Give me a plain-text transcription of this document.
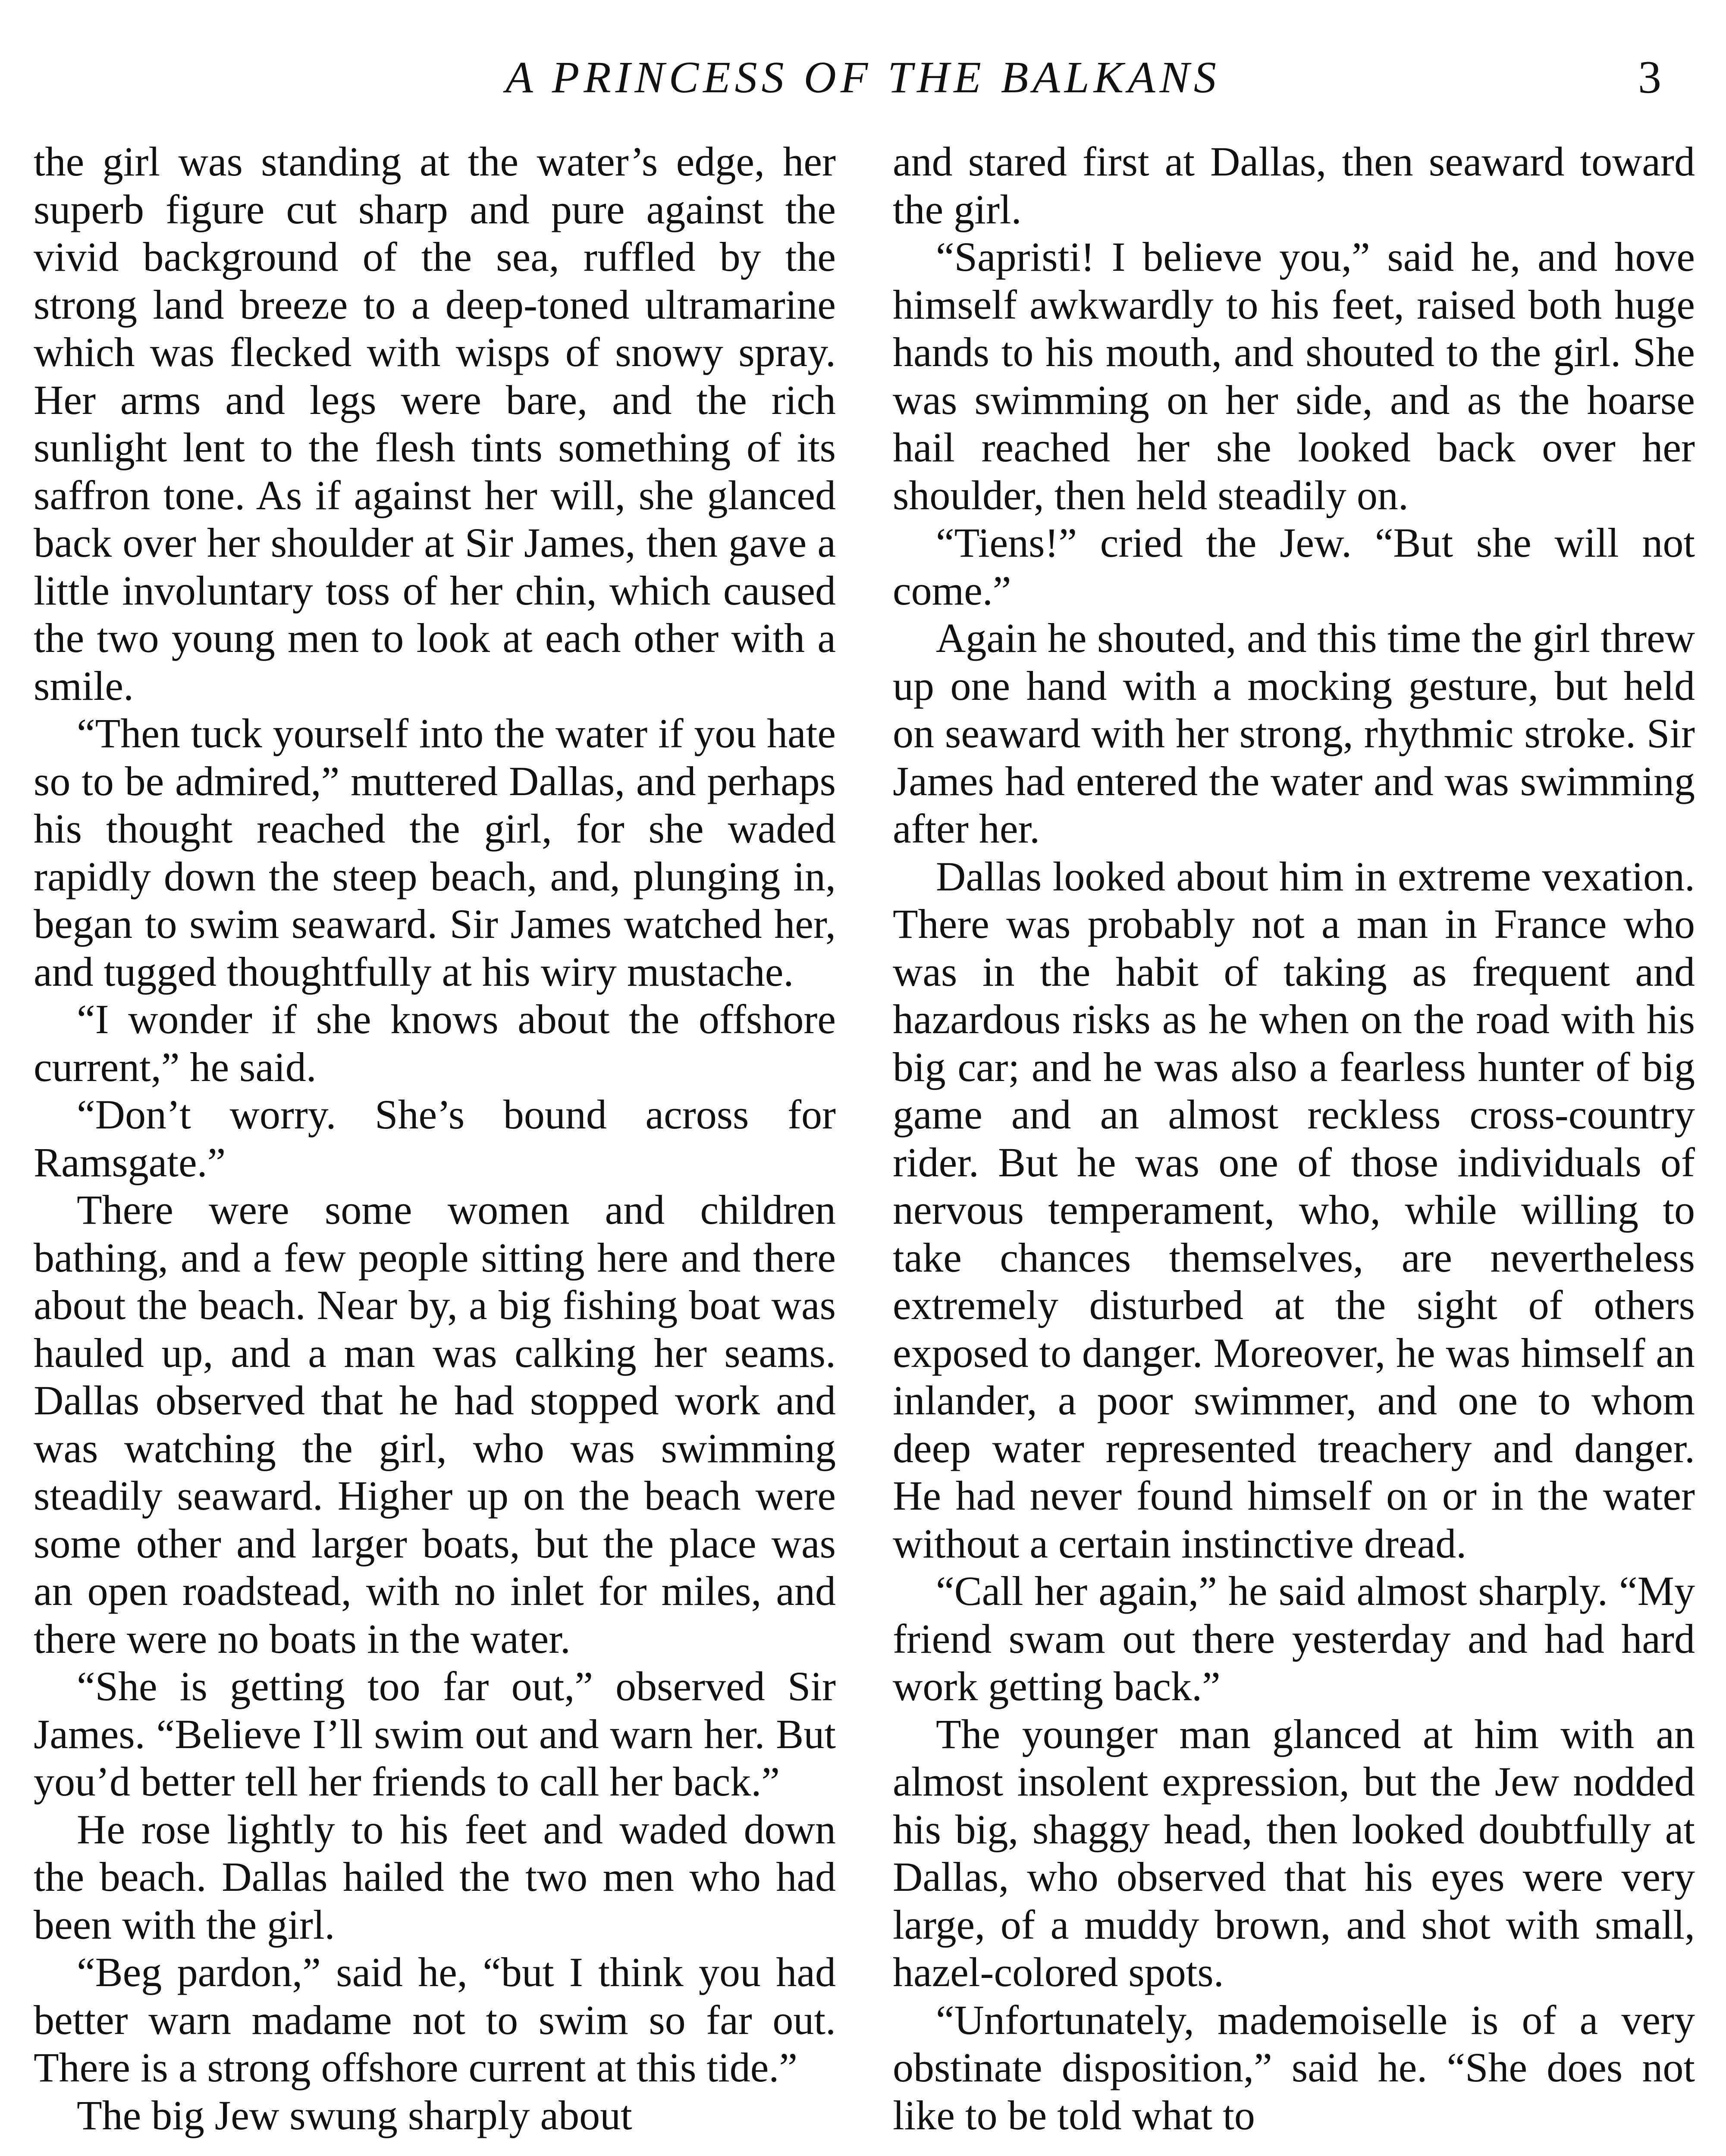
A PRINCESS OF THE BALKANS	3

the girl was standing at the water’s edge, her superb figure cut sharp and pure against the vivid background of the sea, ruffled by the strong land breeze to a deep-toned ultramarine which was flecked with wisps of snowy spray. Her arms and legs were bare, and the rich sunlight lent to the flesh tints something of its saffron tone. As if against her will, she glanced back over her shoulder at Sir James, then gave a little involuntary toss of her chin, which caused the two young men to look at each other with a smile.

“Then tuck yourself into the water if you hate so to be admired,” muttered Dallas, and perhaps his thought reached the girl, for she waded rapidly down the steep beach, and, plunging in, began to swim seaward. Sir James watched her, and tugged thoughtfully at his wiry mustache.

“I wonder if she knows about the offshore current,” he said.

“Don’t worry. She’s bound across for Ramsgate.”

There were some women and children bathing, and a few people sitting here and there about the beach. Near by, a big fishing boat was hauled up, and a man was calking her seams. Dallas observed that he had stopped work and was watching the girl, who was swimming steadily seaward. Higher up on the beach were some other and larger boats, but the place was an open roadstead, with no inlet for miles, and there were no boats in the water.

“She is getting too far out,” observed Sir James. “Believe I’ll swim out and warn her. But you’d better tell her friends to call her back.”

He rose lightly to his feet and waded down the beach. Dallas hailed the two men who had been with the girl.

“Beg pardon,” said he, “but I think you had better warn madame not to swim so far out. There is a strong offshore current at this tide.”

The big Jew swung sharply about

and stared first at Dallas, then seaward toward the girl.

“Sapristi! I believe you,” said he, and hove himself awkwardly to his feet, raised both huge hands to his mouth, and shouted to the girl. She was swimming on her side, and as the hoarse hail reached her she looked back over her shoulder, then held steadily on.

“Tiens!” cried the Jew. “But she will not come.”

Again he shouted, and this time the girl threw up one hand with a mocking gesture, but held on seaward with her strong, rhythmic stroke. Sir James had entered the water and was swimming after her.

Dallas looked about him in extreme vexation. There was probably not a man in France who was in the habit of taking as frequent and hazardous risks as he when on the road with his big car; and he was also a fearless hunter of big game and an almost reckless cross-country rider. But he was one of those individuals of nervous temperament, who, while willing to take chances themselves, are nevertheless extremely disturbed at the sight of others exposed to danger. Moreover, he was himself an inlander, a poor swimmer, and one to whom deep water represented treachery and danger. He had never found himself on or in the water without a certain instinctive dread.

“Call her again,” he said almost sharply. “My friend swam out there yesterday and had hard work getting back.”

The younger man glanced at him with an almost insolent expression, but the Jew nodded his big, shaggy head, then looked doubtfully at Dallas, who observed that his eyes were very large, of a muddy brown, and shot with small, hazel-colored spots.

“Unfortunately, mademoiselle is of a very obstinate disposition,” said he. “She does not like to be told what to
